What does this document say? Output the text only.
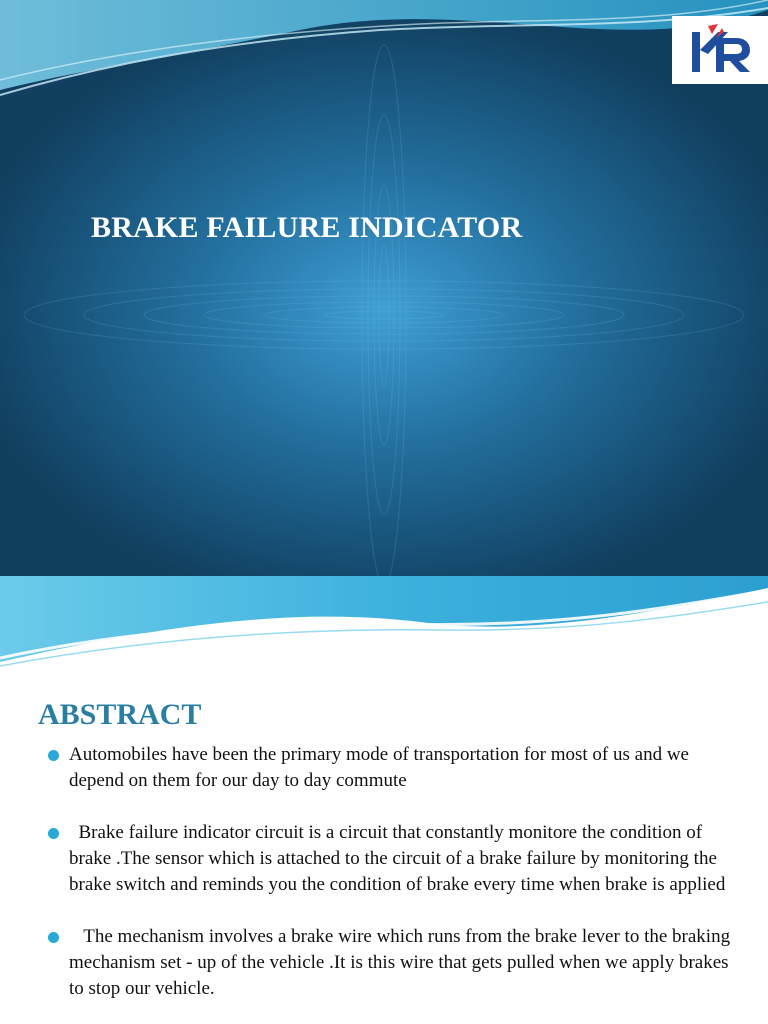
BRAKE FAILURE INDICATOR
ABSTRACT
Automobiles have been the primary mode of transportation for most of us and we depend on them for our day to day commute
Brake failure indicator circuit is a circuit that constantly monitore the condition of brake .The sensor which is attached to the circuit of a brake failure by monitoring the brake switch and reminds you the condition of brake every time when brake is applied
The mechanism involves a brake wire which runs from the brake lever to the braking mechanism set - up of the vehicle .It is this wire that gets pulled when we apply brakes to stop our vehicle.
